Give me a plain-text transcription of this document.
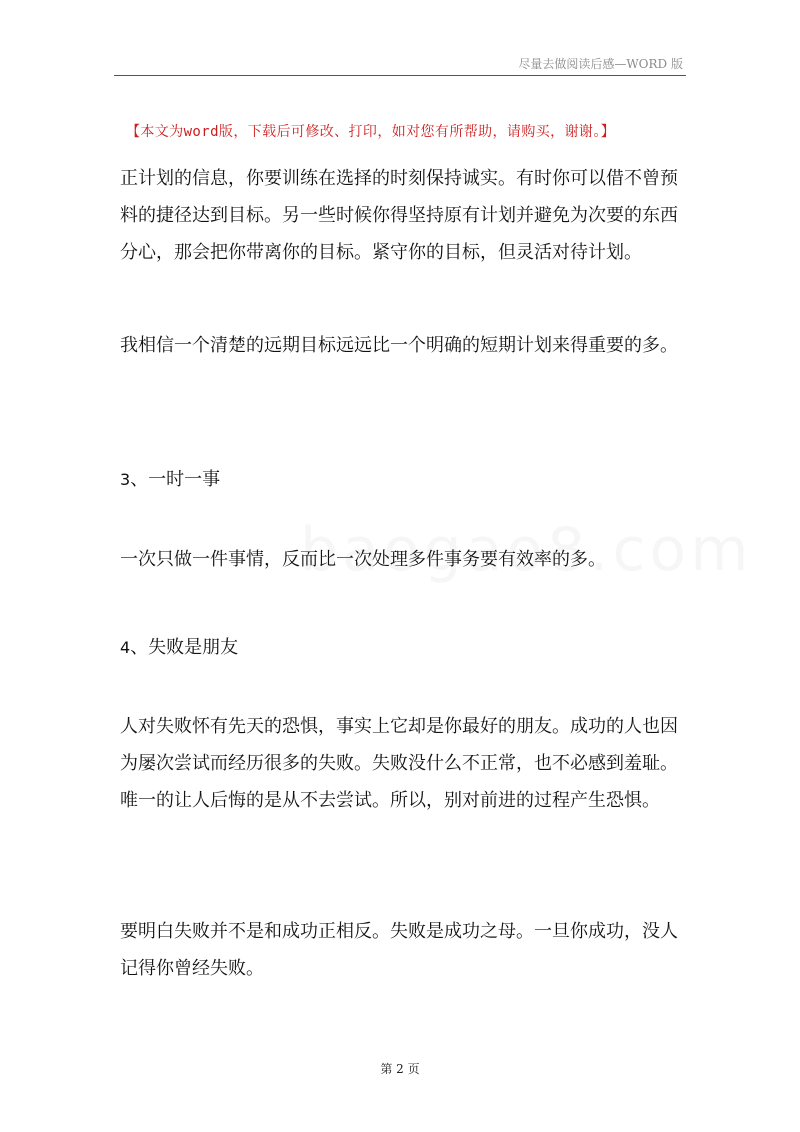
尽量去做阅读后感—WORD 版
【本文为word版，下载后可修改、打印，如对您有所帮助，请购买，谢谢。】

正计划的信息，你要训练在选择的时刻保持诚实。有时你可以借不曾预料的捷径达到目标。另一些时候你得坚持原有计划并避免为次要的东西分心，那会把你带离你的目标。紧守你的目标，但灵活对待计划。

我相信一个清楚的远期目标远远比一个明确的短期计划来得重要的多。

3、一时一事

一次只做一件事情，反而比一次处理多件事务要有效率的多。

4、失败是朋友

人对失败怀有先天的恐惧，事实上它却是你最好的朋友。成功的人也因为屡次尝试而经历很多的失败。失败没什么不正常，也不必感到羞耻。唯一的让人后悔的是从不去尝试。所以，别对前进的过程产生恐惧。

要明白失败并不是和成功正相反。失败是成功之母。一旦你成功，没人记得你曾经失败。

第 2 页
